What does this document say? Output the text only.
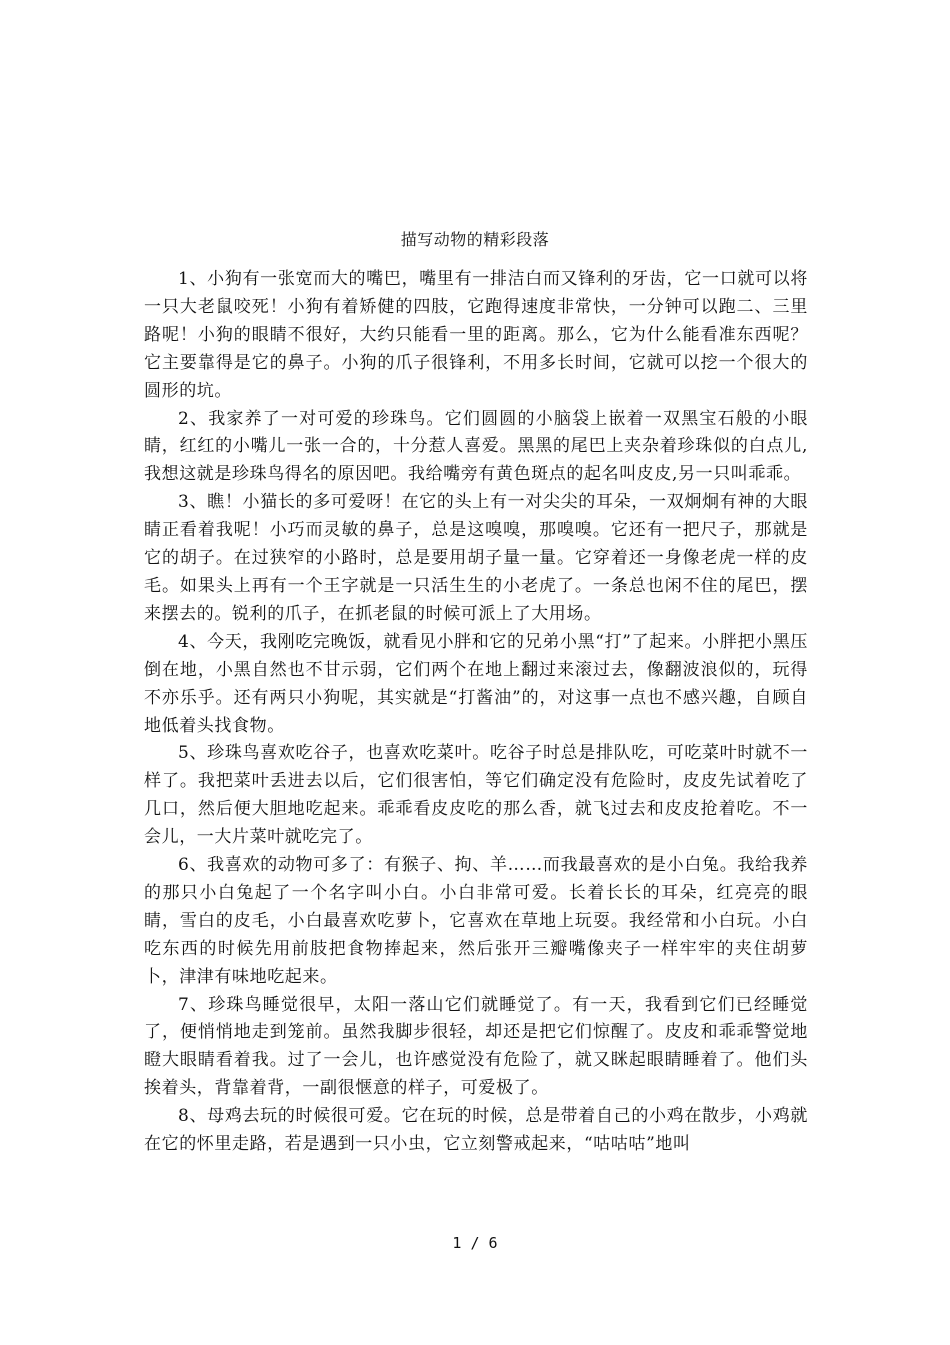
描写动物的精彩段落

1、小狗有一张宽而大的嘴巴，嘴里有一排洁白而又锋利的牙齿，它一口就可以将一只大老鼠咬死！小狗有着矫健的四肢，它跑得速度非常快，一分钟可以跑二、三里路呢！小狗的眼睛不很好，大约只能看一里的距离。那么，它为什么能看准东西呢？它主要靠得是它的鼻子。小狗的爪子很锋利，不用多长时间，它就可以挖一个很大的圆形的坑。

2、我家养了一对可爱的珍珠鸟。它们圆圆的小脑袋上嵌着一双黑宝石般的小眼睛，红红的小嘴儿一张一合的，十分惹人喜爱。黑黑的尾巴上夹杂着珍珠似的白点儿,我想这就是珍珠鸟得名的原因吧。我给嘴旁有黄色斑点的起名叫皮皮,另一只叫乖乖。

3、瞧！小猫长的多可爱呀！在它的头上有一对尖尖的耳朵，一双炯炯有神的大眼睛正看着我呢！小巧而灵敏的鼻子，总是这嗅嗅，那嗅嗅。它还有一把尺子，那就是它的胡子。在过狭窄的小路时，总是要用胡子量一量。它穿着还一身像老虎一样的皮毛。如果头上再有一个王字就是一只活生生的小老虎了。一条总也闲不住的尾巴，摆来摆去的。锐利的爪子，在抓老鼠的时候可派上了大用场。

4、今天，我刚吃完晚饭，就看见小胖和它的兄弟小黑“打”了起来。小胖把小黑压倒在地，小黑自然也不甘示弱，它们两个在地上翻过来滚过去，像翻波浪似的，玩得不亦乐乎。还有两只小狗呢，其实就是“打酱油”的，对这事一点也不感兴趣，自顾自地低着头找食物。

5、珍珠鸟喜欢吃谷子，也喜欢吃菜叶。吃谷子时总是排队吃，可吃菜叶时就不一样了。我把菜叶丢进去以后，它们很害怕，等它们确定没有危险时，皮皮先试着吃了几口，然后便大胆地吃起来。乖乖看皮皮吃的那么香，就飞过去和皮皮抢着吃。不一会儿，一大片菜叶就吃完了。

6、我喜欢的动物可多了：有猴子、拘、羊……而我最喜欢的是小白兔。我给我养的那只小白兔起了一个名字叫小白。小白非常可爱。长着长长的耳朵，红亮亮的眼睛，雪白的皮毛，小白最喜欢吃萝卜，它喜欢在草地上玩耍。我经常和小白玩。小白吃东西的时候先用前肢把食物捧起来，然后张开三瓣嘴像夹子一样牢牢的夹住胡萝卜，津津有味地吃起来。

7、珍珠鸟睡觉很早，太阳一落山它们就睡觉了。有一天，我看到它们已经睡觉了，便悄悄地走到笼前。虽然我脚步很轻，却还是把它们惊醒了。皮皮和乖乖警觉地瞪大眼睛看着我。过了一会儿，也许感觉没有危险了，就又眯起眼睛睡着了。他们头挨着头，背靠着背，一副很惬意的样子，可爱极了。

8、母鸡去玩的时候很可爱。它在玩的时候，总是带着自己的小鸡在散步，小鸡就在它的怀里走路，若是遇到一只小虫，它立刻警戒起来，“咕咕咕”地叫

1 / 6
